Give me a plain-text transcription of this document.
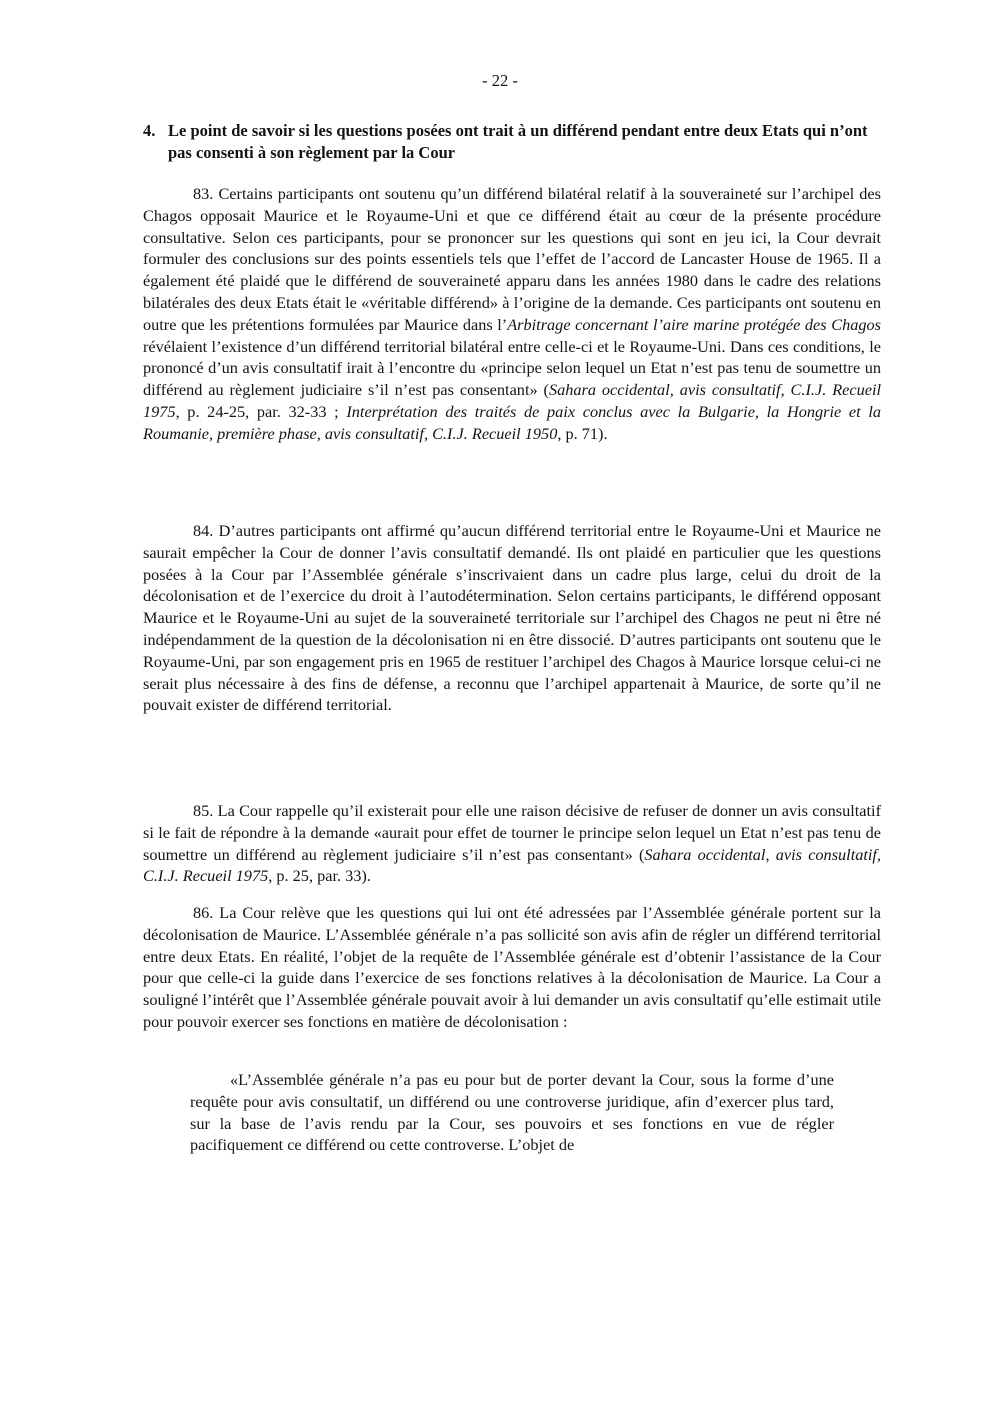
- 22 -

4. Le point de savoir si les questions posées ont trait à un différend pendant entre deux Etats qui n’ont pas consenti à son règlement par la Cour

83. Certains participants ont soutenu qu’un différend bilatéral relatif à la souveraineté sur l’archipel des Chagos opposait Maurice et le Royaume-Uni et que ce différend était au cœur de la présente procédure consultative. Selon ces participants, pour se prononcer sur les questions qui sont en jeu ici, la Cour devrait formuler des conclusions sur des points essentiels tels que l’effet de l’accord de Lancaster House de 1965. Il a également été plaidé que le différend de souveraineté apparu dans les années 1980 dans le cadre des relations bilatérales des deux Etats était le «véritable différend» à l’origine de la demande. Ces participants ont soutenu en outre que les prétentions formulées par Maurice dans l’Arbitrage concernant l’aire marine protégée des Chagos révélaient l’existence d’un différend territorial bilatéral entre celle-ci et le Royaume-Uni. Dans ces conditions, le prononcé d’un avis consultatif irait à l’encontre du «principe selon lequel un Etat n’est pas tenu de soumettre un différend au règlement judiciaire s’il n’est pas consentant» (Sahara occidental, avis consultatif, C.I.J. Recueil 1975, p. 24-25, par. 32-33 ; Interprétation des traités de paix conclus avec la Bulgarie, la Hongrie et la Roumanie, première phase, avis consultatif, C.I.J. Recueil 1950, p. 71).

84. D’autres participants ont affirmé qu’aucun différend territorial entre le Royaume-Uni et Maurice ne saurait empêcher la Cour de donner l’avis consultatif demandé. Ils ont plaidé en particulier que les questions posées à la Cour par l’Assemblée générale s’inscrivaient dans un cadre plus large, celui du droit de la décolonisation et de l’exercice du droit à l’autodétermination. Selon certains participants, le différend opposant Maurice et le Royaume-Uni au sujet de la souveraineté territoriale sur l’archipel des Chagos ne peut ni être né indépendamment de la question de la décolonisation ni en être dissocié. D’autres participants ont soutenu que le Royaume-Uni, par son engagement pris en 1965 de restituer l’archipel des Chagos à Maurice lorsque celui-ci ne serait plus nécessaire à des fins de défense, a reconnu que l’archipel appartenait à Maurice, de sorte qu’il ne pouvait exister de différend territorial.

85. La Cour rappelle qu’il existerait pour elle une raison décisive de refuser de donner un avis consultatif si le fait de répondre à la demande «aurait pour effet de tourner le principe selon lequel un Etat n’est pas tenu de soumettre un différend au règlement judiciaire s’il n’est pas consentant» (Sahara occidental, avis consultatif, C.I.J. Recueil 1975, p. 25, par. 33).

86. La Cour relève que les questions qui lui ont été adressées par l’Assemblée générale portent sur la décolonisation de Maurice. L’Assemblée générale n’a pas sollicité son avis afin de régler un différend territorial entre deux Etats. En réalité, l’objet de la requête de l’Assemblée générale est d’obtenir l’assistance de la Cour pour que celle-ci la guide dans l’exercice de ses fonctions relatives à la décolonisation de Maurice. La Cour a souligné l’intérêt que l’Assemblée générale pouvait avoir à lui demander un avis consultatif qu’elle estimait utile pour pouvoir exercer ses fonctions en matière de décolonisation :

«L’Assemblée générale n’a pas eu pour but de porter devant la Cour, sous la forme d’une requête pour avis consultatif, un différend ou une controverse juridique, afin d’exercer plus tard, sur la base de l’avis rendu par la Cour, ses pouvoirs et ses fonctions en vue de régler pacifiquement ce différend ou cette controverse. L’objet de
